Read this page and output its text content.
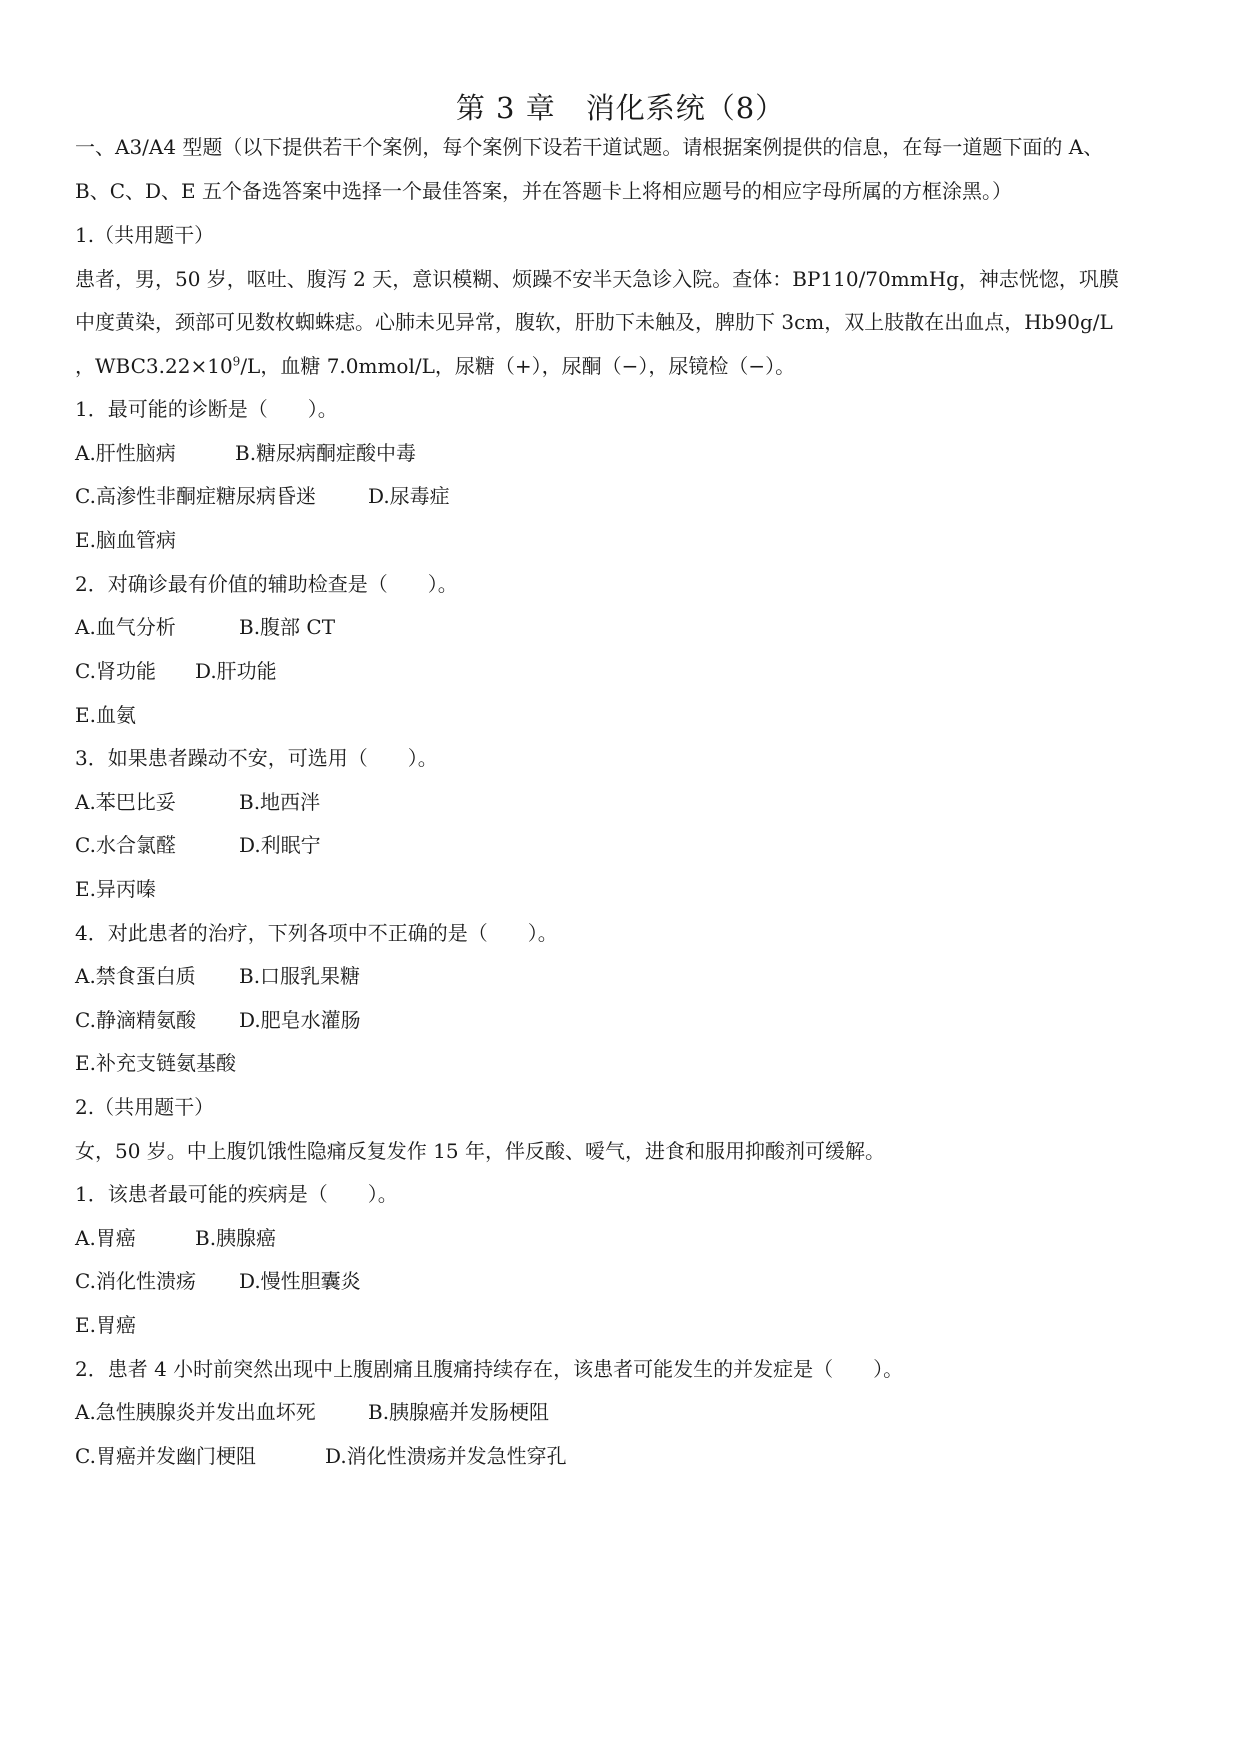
第 3 章　消化系统（8）
一、A3/A4 型题（以下提供若干个案例，每个案例下设若干道试题。请根据案例提供的信息，在每一道题下面的 A、
B、C、D、E 五个备选答案中选择一个最佳答案，并在答题卡上将相应题号的相应字母所属的方框涂黑。）
1.（共用题干）
患者，男，50 岁，呕吐、腹泻 2 天，意识模糊、烦躁不安半天急诊入院。查体：BP110/70mmHg，神志恍惚，巩膜
中度黄染，颈部可见数枚蜘蛛痣。心肺未见异常，腹软，肝肋下未触及，脾肋下 3cm，双上肢散在出血点，Hb90g/L
，$WBC3.22\times 10^9/L$，血糖 7.0mmol/L，尿糖（+），尿酮（−），尿镜检（−）。
1．最可能的诊断是（　　）。
A.肝性脑病	B.糖尿病酮症酸中毒
C.高渗性非酮症糖尿病昏迷	D.尿毒症
E.脑血管病
2．对确诊最有价值的辅助检查是（　　）。
A.血气分析	B.腹部 CT
C.肾功能 D.肝功能
E.血氨
3．如果患者躁动不安，可选用（　　）。
A.苯巴比妥	B.地西泮
C.水合氯醛	D.利眠宁
E.异丙嗪
4．对此患者的治疗，下列各项中不正确的是（　　）。
A.禁食蛋白质 B.口服乳果糖
C.静滴精氨酸 D.肥皂水灌肠
E.补充支链氨基酸
2.（共用题干）
女，50 岁。中上腹饥饿性隐痛反复发作 15 年，伴反酸、嗳气，进食和服用抑酸剂可缓解。
1．该患者最可能的疾病是（　　）。
A.胃癌	B.胰腺癌
C.消化性溃疡 D.慢性胆囊炎
E.胃癌
2．患者 4 小时前突然出现中上腹剧痛且腹痛持续存在，该患者可能发生的并发症是（　　）。
A.急性胰腺炎并发出血坏死	B.胰腺癌并发肠梗阻
C.胃癌并发幽门梗阻	D.消化性溃疡并发急性穿孔
